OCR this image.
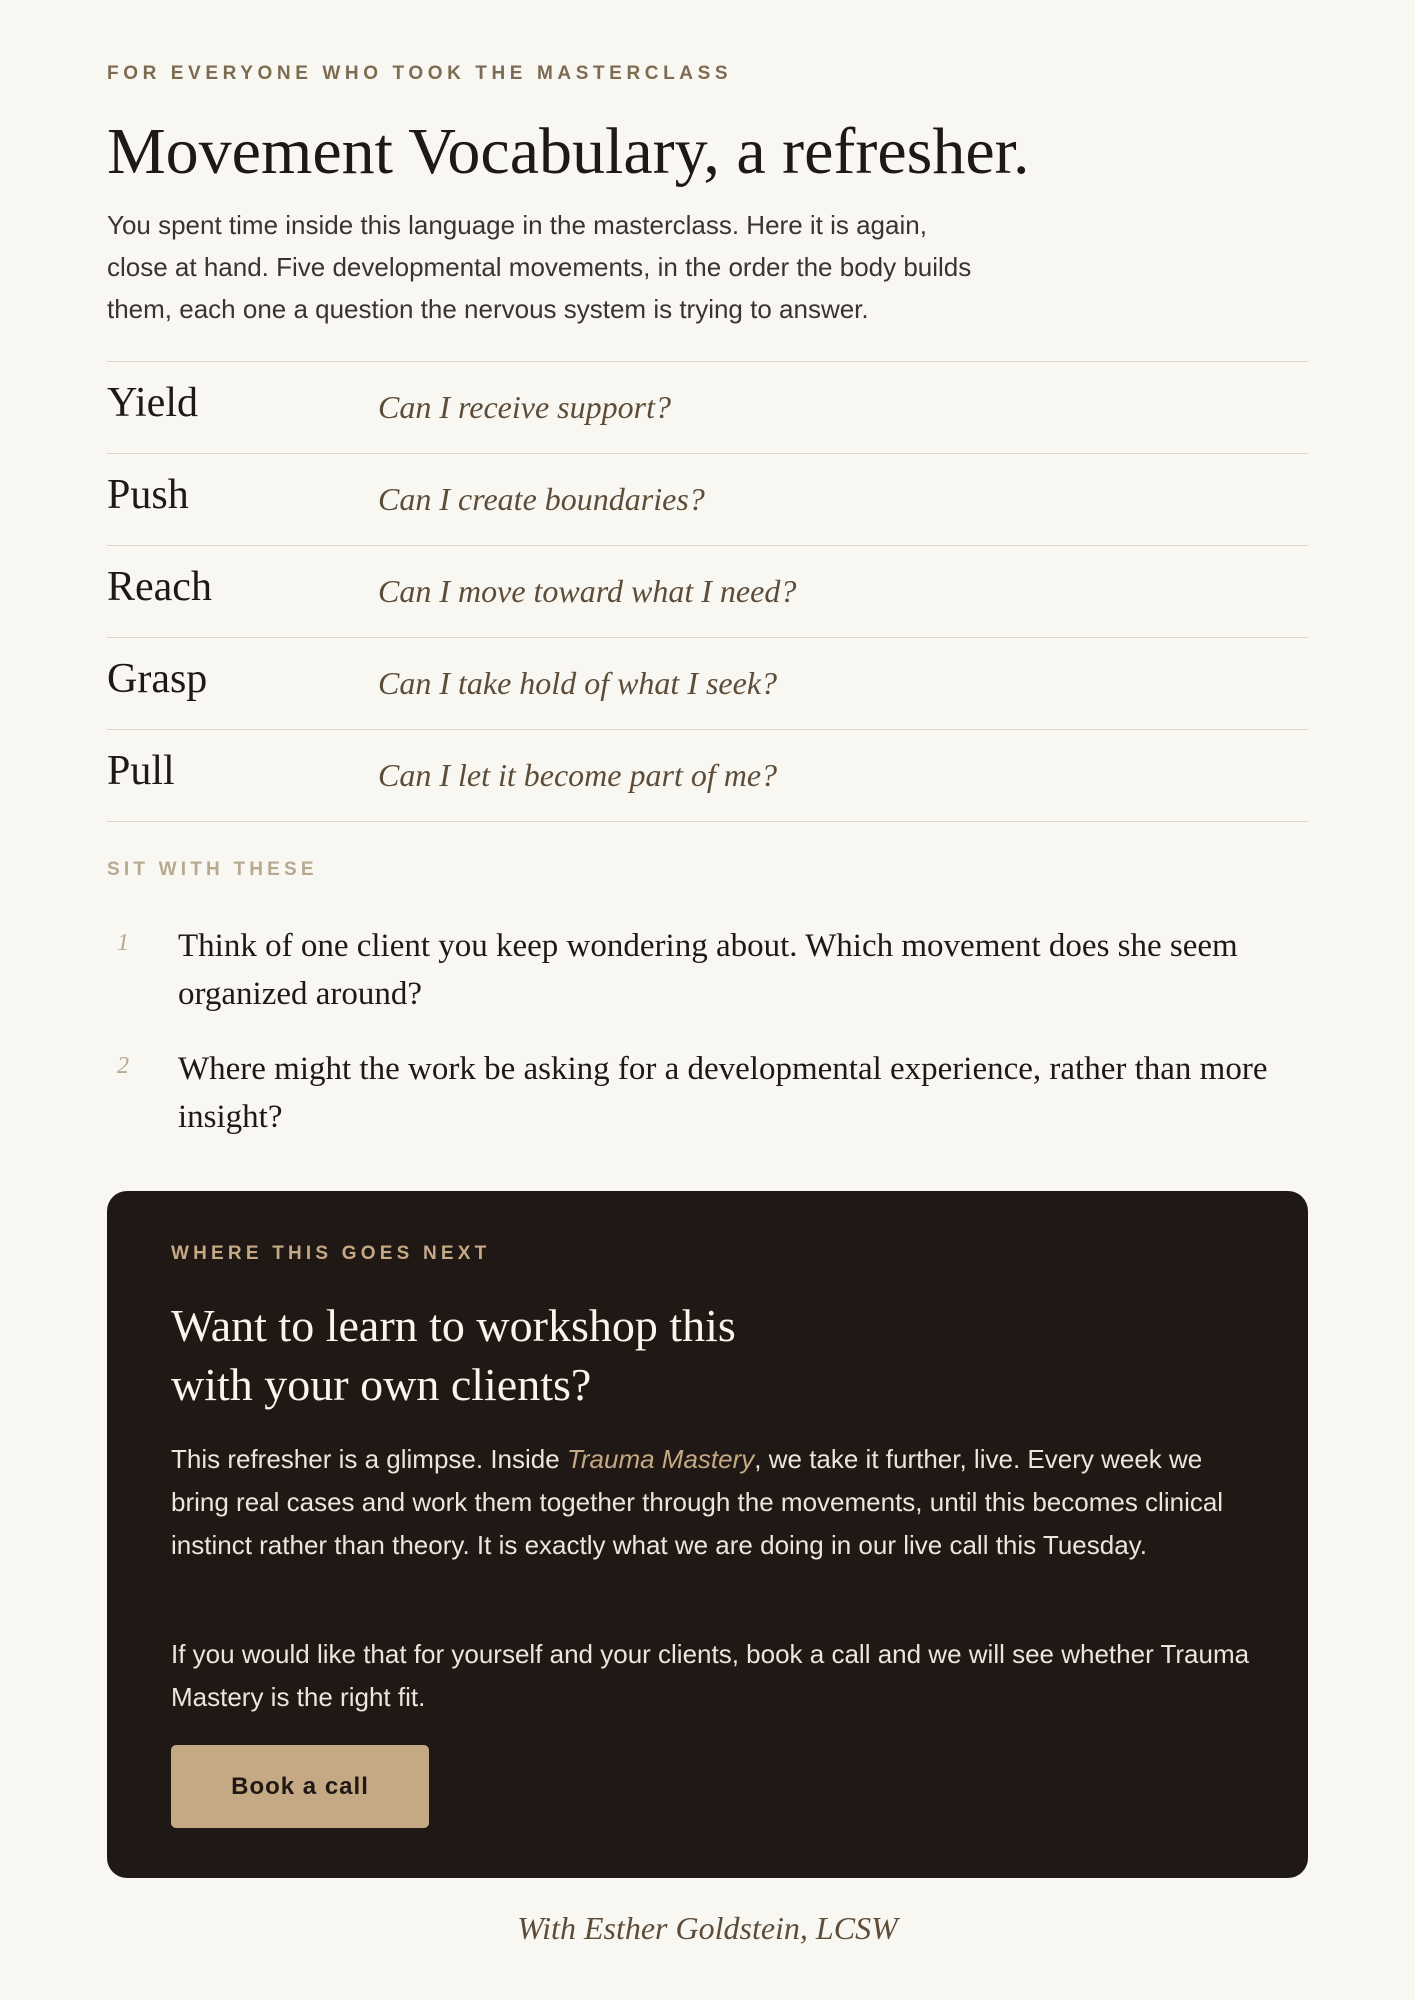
FOR EVERYONE WHO TOOK THE MASTERCLASS
Movement Vocabulary, a refresher.

You spent time inside this language in the masterclass. Here it is again,
close at hand. Five developmental movements, in the order the body builds
them, each one a question the nervous system is trying to answer.

Yield	Can I receive support?
Push	Can I create boundaries?
Reach	Can I move toward what I need?
Grasp	Can I take hold of what I seek?
Pull	Can I let it become part of me?
SIT WITH THESE
1 Think of one client you keep wondering about. Which movement does she seem
organized around?
2 Where might the work be asking for a developmental experience, rather than more
insight?
WHERE THIS GOES NEXT
Want to learn to workshop this
with your own clients?

This refresher is a glimpse. Inside Trauma Mastery, we take it further, live. Every week we bring real cases and work them together through the movements, until this becomes clinical instinct rather than theory. It is exactly what we are doing in our live call this Tuesday.

If you would like that for yourself and your clients, book a call and we will see whether Trauma Mastery is the right fit.

Book a call
With Esther Goldstein, LCSW
